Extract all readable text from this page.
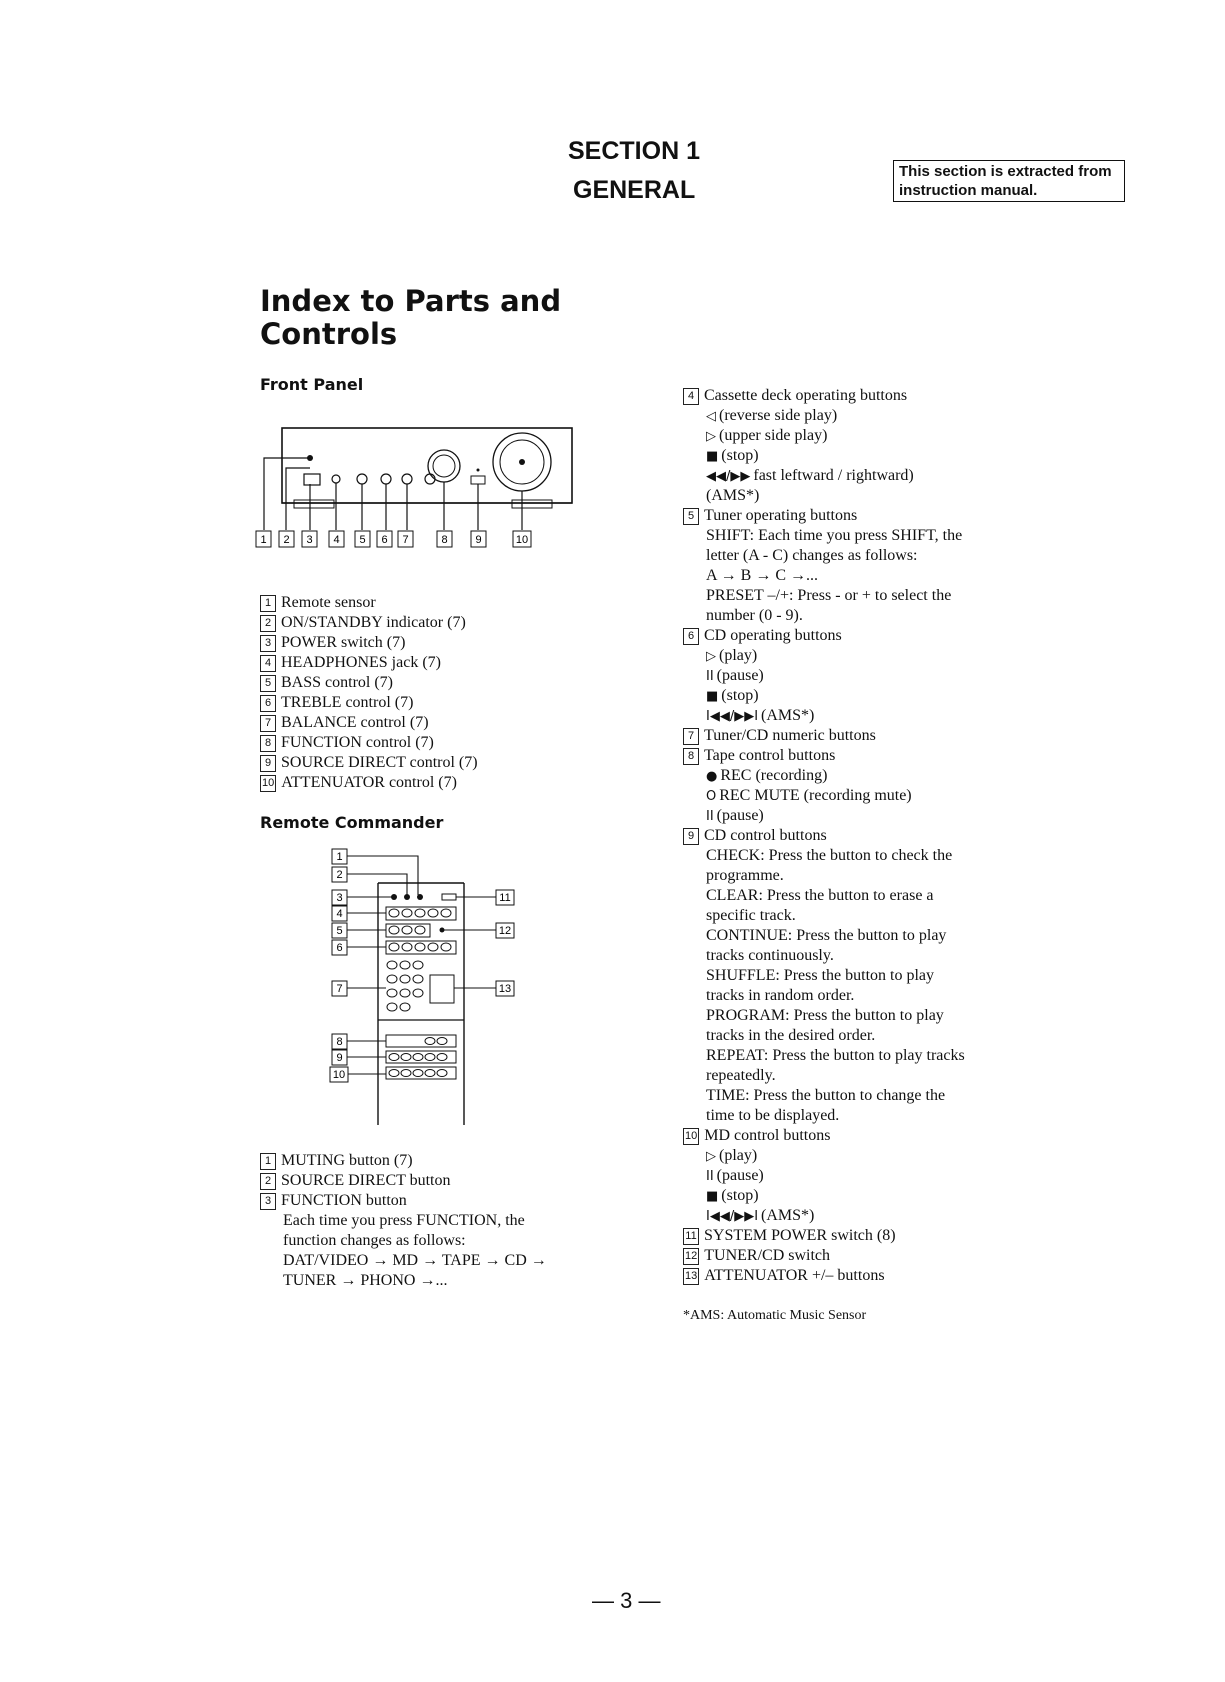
SECTION 1
GENERAL
This section is extracted from
instruction manual.
Index to Parts and
Controls
Front Panel
1 2 3 4 5 6 7	8	9	10
1 Remote sensor
2 ON/STANDBY indicator (7)
3 POWER switch (7)
4 HEADPHONES jack (7)
5 BASS control (7)
6 TREBLE control (7)
7 BALANCE control (7)
8 FUNCTION control (7)
9 SOURCE DIRECT control (7)
10 ATTENUATOR control (7)
Remote Commander
1
2
3
4
5
6
7
8
9
10
11
12
13
1 MUTING button (7)
2 SOURCE DIRECT button
3 FUNCTION button
Each time you press FUNCTION, the
function changes as follows:
DAT/VIDEO → MD → TAPE → CD →
TUNER → PHONO →...
4 Cassette deck operating buttons
◁ (reverse side play)
▷ (upper side play)
■ (stop)
◀◀/▶▶ fast leftward / rightward)
(AMS*)
5 Tuner operating buttons
SHIFT: Each time you press SHIFT, the
letter (A - C) changes as follows:
A → B → C →...
PRESET –/+: Press - or + to select the
number (0 - 9).
6 CD operating buttons
▷ (play)
II (pause)
■ (stop)
I◀◀/▶▶I (AMS*)
7 Tuner/CD numeric buttons
8 Tape control buttons
● REC (recording)
O REC MUTE (recording mute)
II (pause)
9 CD control buttons
CHECK: Press the button to check the
programme.
CLEAR: Press the button to erase a
specific track.
CONTINUE: Press the button to play
tracks continuously.
SHUFFLE: Press the button to play
tracks in random order.
PROGRAM: Press the button to play
tracks in the desired order.
REPEAT: Press the button to play tracks
repeatedly.
TIME: Press the button to change the
time to be displayed.
10 MD control buttons
▷ (play)
II (pause)
■ (stop)
I◀◀/▶▶I (AMS*)
11 SYSTEM POWER switch (8)
12 TUNER/CD switch
13 ATTENUATOR +/– buttons
*AMS: Automatic Music Sensor
— 3 —
